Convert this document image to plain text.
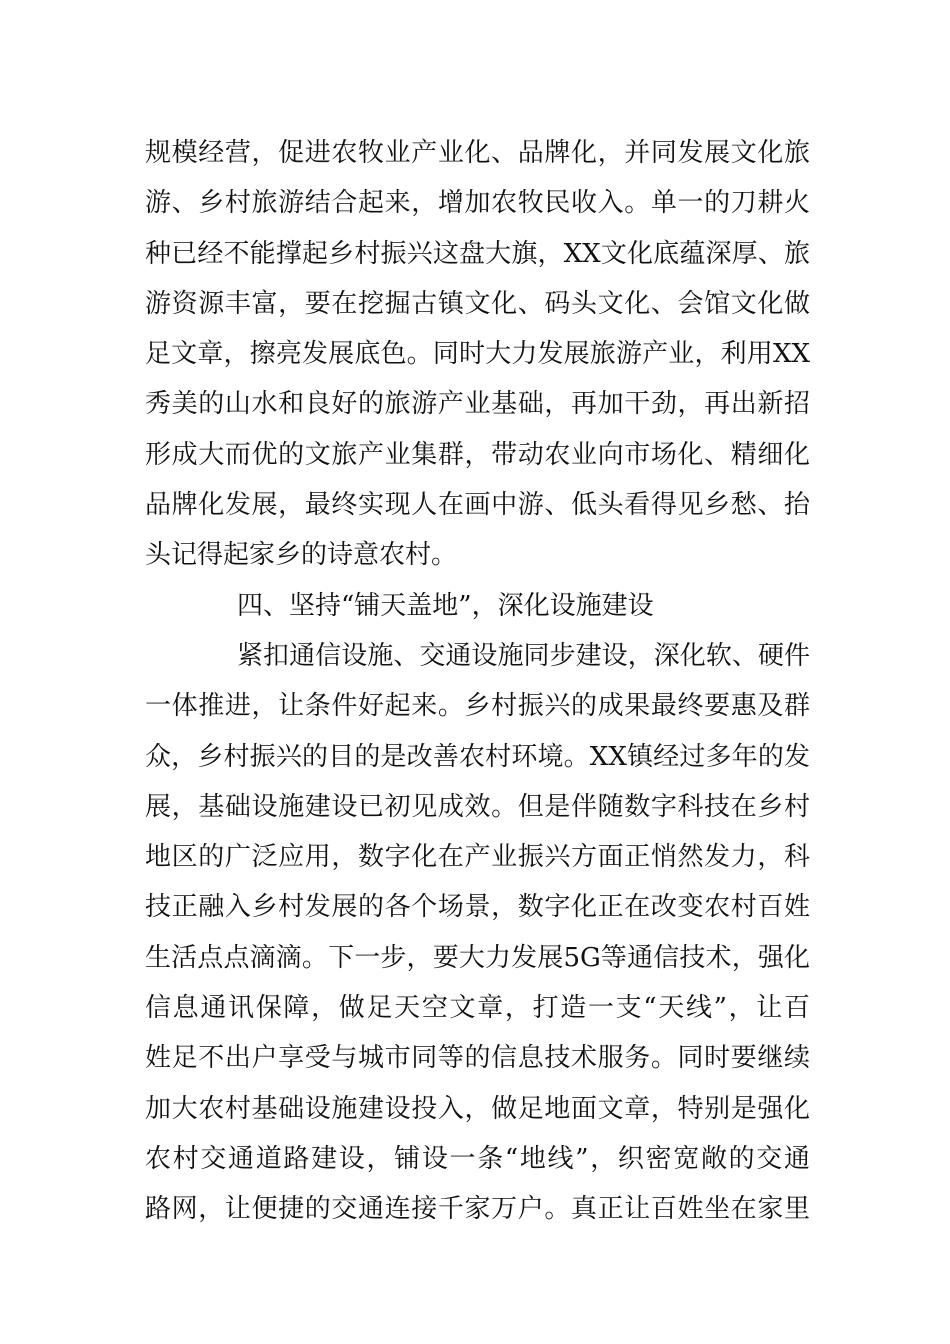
规模经营，促进农牧业产业化、品牌化，并同发展文化旅
游、乡村旅游结合起来，增加农牧民收入。单一的刀耕火
种已经不能撑起乡村振兴这盘大旗，XX文化底蕴深厚、旅
游资源丰富，要在挖掘古镇文化、码头文化、会馆文化做
足文章，擦亮发展底色。同时大力发展旅游产业，利用XX
秀美的山水和良好的旅游产业基础，再加干劲，再出新招
形成大而优的文旅产业集群，带动农业向市场化、精细化
品牌化发展，最终实现人在画中游、低头看得见乡愁、抬
头记得起家乡的诗意农村。
四、坚持“铺天盖地”，深化设施建设
紧扣通信设施、交通设施同步建设，深化软、硬件
一体推进，让条件好起来。乡村振兴的成果最终要惠及群
众，乡村振兴的目的是改善农村环境。XX镇经过多年的发
展，基础设施建设已初见成效。但是伴随数字科技在乡村
地区的广泛应用，数字化在产业振兴方面正悄然发力，科
技正融入乡村发展的各个场景，数字化正在改变农村百姓
生活点点滴滴。下一步，要大力发展5G等通信技术，强化
信息通讯保障，做足天空文章，打造一支“天线”，让百
姓足不出户享受与城市同等的信息技术服务。同时要继续
加大农村基础设施建设投入，做足地面文章，特别是强化
农村交通道路建设，铺设一条“地线”，织密宽敞的交通
路网，让便捷的交通连接千家万户。真正让百姓坐在家里
